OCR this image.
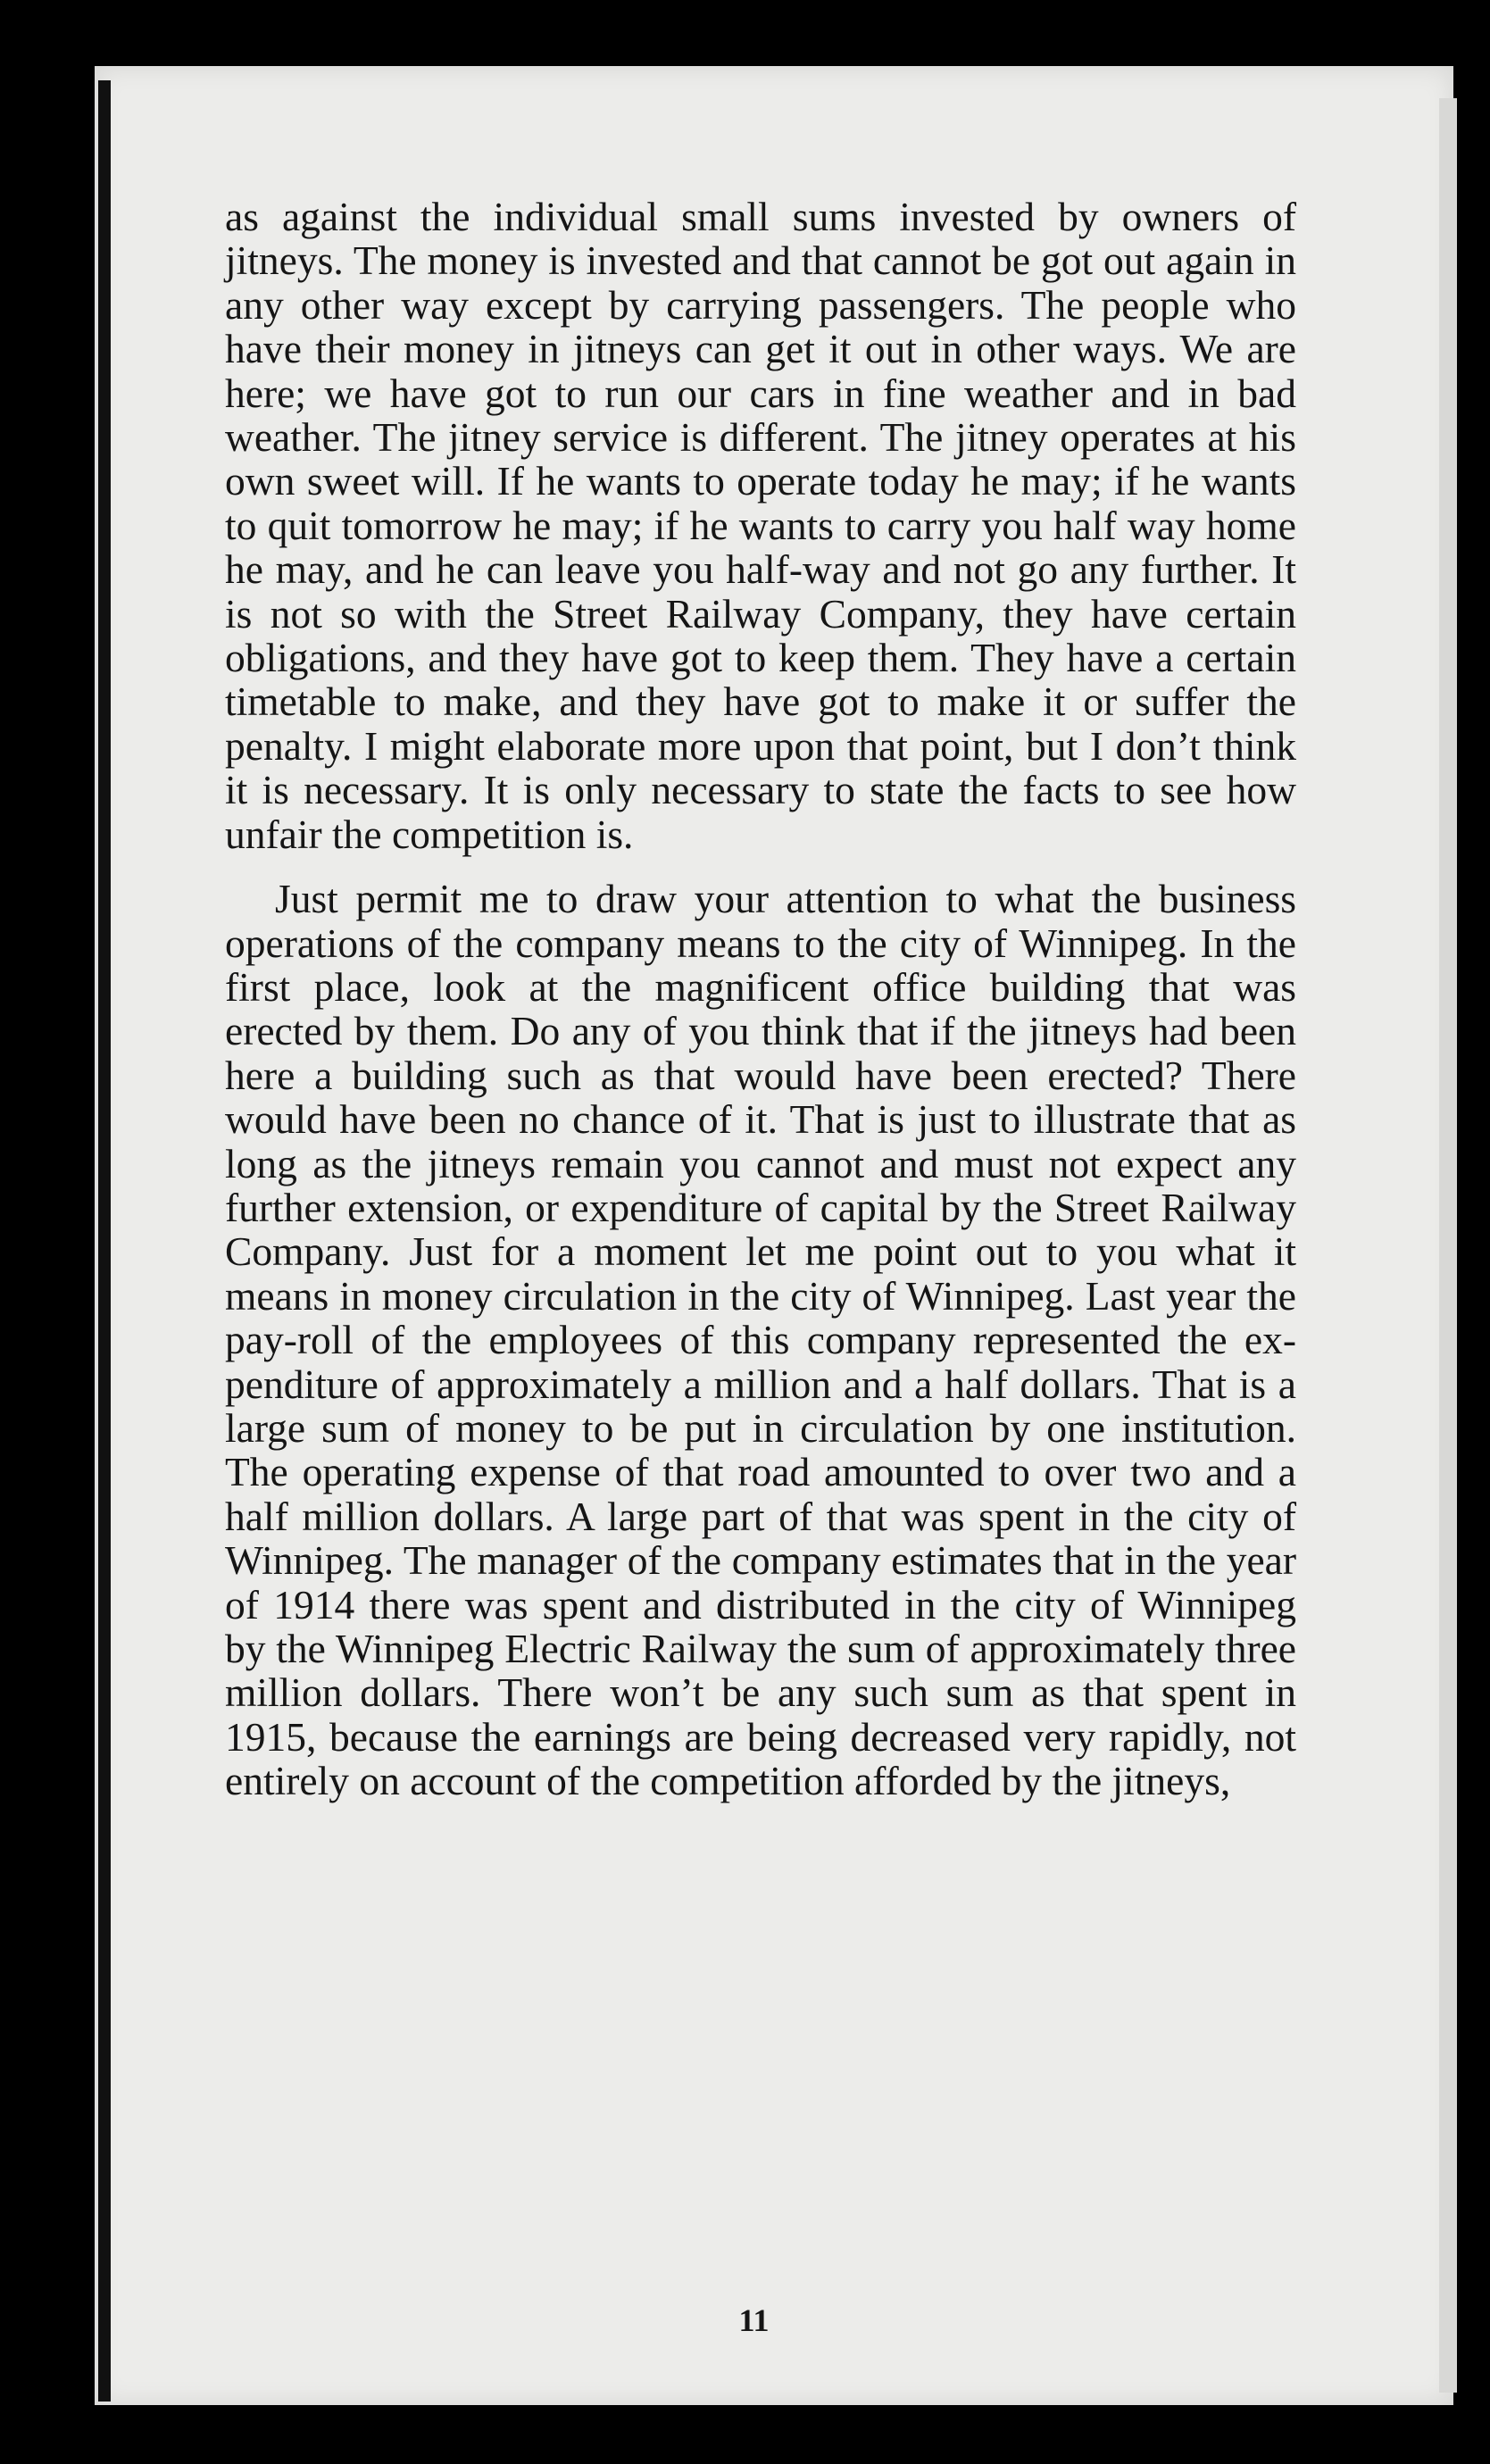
as against the individual small sums invested by owners of jitneys. The money is invested and that cannot be got out again in any other way except by carrying passengers. The people who have their money in jitneys can get it out in other ways. We are here; we have got to run our cars in fine weather and in bad weather. The jitney service is different. The jitney operates at his own sweet will. If he wants to operate today he may; if he wants to quit tomorrow he may; if he wants to carry you half way home he may, and he can leave you half-way and not go any further. It is not so with the Street Railway Company, they have certain obligations, and they have got to keep them. They have a certain timetable to make, and they have got to make it or suffer the penalty. I might elaborate more upon that point, but I don’t think it is necessary. It is only necessary to state the facts to see how unfair the competition is.

Just permit me to draw your attention to what the business operations of the company means to the city of Winnipeg. In the first place, look at the magnificent office building that was erected by them. Do any of you think that if the jitneys had been here a building such as that would have been erected? There would have been no chance of it. That is just to illustrate that as long as the jitneys remain you cannot and must not expect any further extension, or expenditure of capital by the Street Railway Company. Just for a moment let me point out to you what it means in money circulation in the city of Winnipeg. Last year the pay-roll of the employees of this company represented the expenditure of approximately a million and a half dollars. That is a large sum of money to be put in circulation by one institution. The operating expense of that road amounted to over two and a half million dollars. A large part of that was spent in the city of Winnipeg. The manager of the company estimates that in the year of 1914 there was spent and distributed in the city of Winnipeg by the Winnipeg Electric Railway the sum of approximately three million dollars. There won’t be any such sum as that spent in 1915, because the earnings are being decreased very rapidly, not entirely on account of the competition afforded by the jitneys,

11
